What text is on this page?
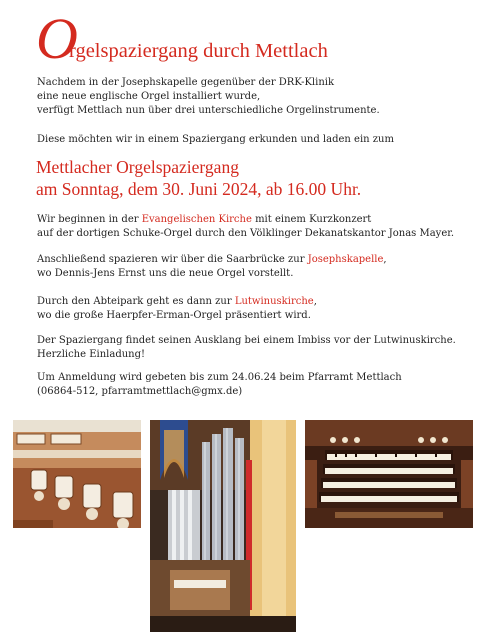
O
rgelspaziergang durch Mettlach

Nachdem in der Josephskapelle gegenüber der DRK-Klinik

eine neue englische Orgel installiert wurde,

verfügt Mettlach nun über drei unterschiedliche Orgelinstrumente.

Diese möchten wir in einem Spaziergang erkunden und laden ein zum

Mettlacher Orgelspaziergang
am Sonntag, dem 30. Juni 2024, ab 16.00 Uhr.

Wir beginnen in der Evangelischen Kirche mit einem Kurzkonzert

auf der dortigen Schuke-Orgel durch den Völklinger Dekanatskantor Jonas Mayer.

Anschließend spazieren wir über die Saarbrücke zur Josephskapelle,

wo Dennis-Jens Ernst uns die neue Orgel vorstellt.

Durch den Abteipark geht es dann zur Lutwinuskirche,

wo die große Haerpfer-Erman-Orgel präsentiert wird.

Der Spaziergang findet seinen Ausklang bei einem Imbiss vor der Lutwinuskirche.

Herzliche Einladung!

Um Anmeldung wird gebeten bis zum 24.06.24 beim Pfarramt Mettlach

(06864-512, pfarramtmettlach@gmx.de)
